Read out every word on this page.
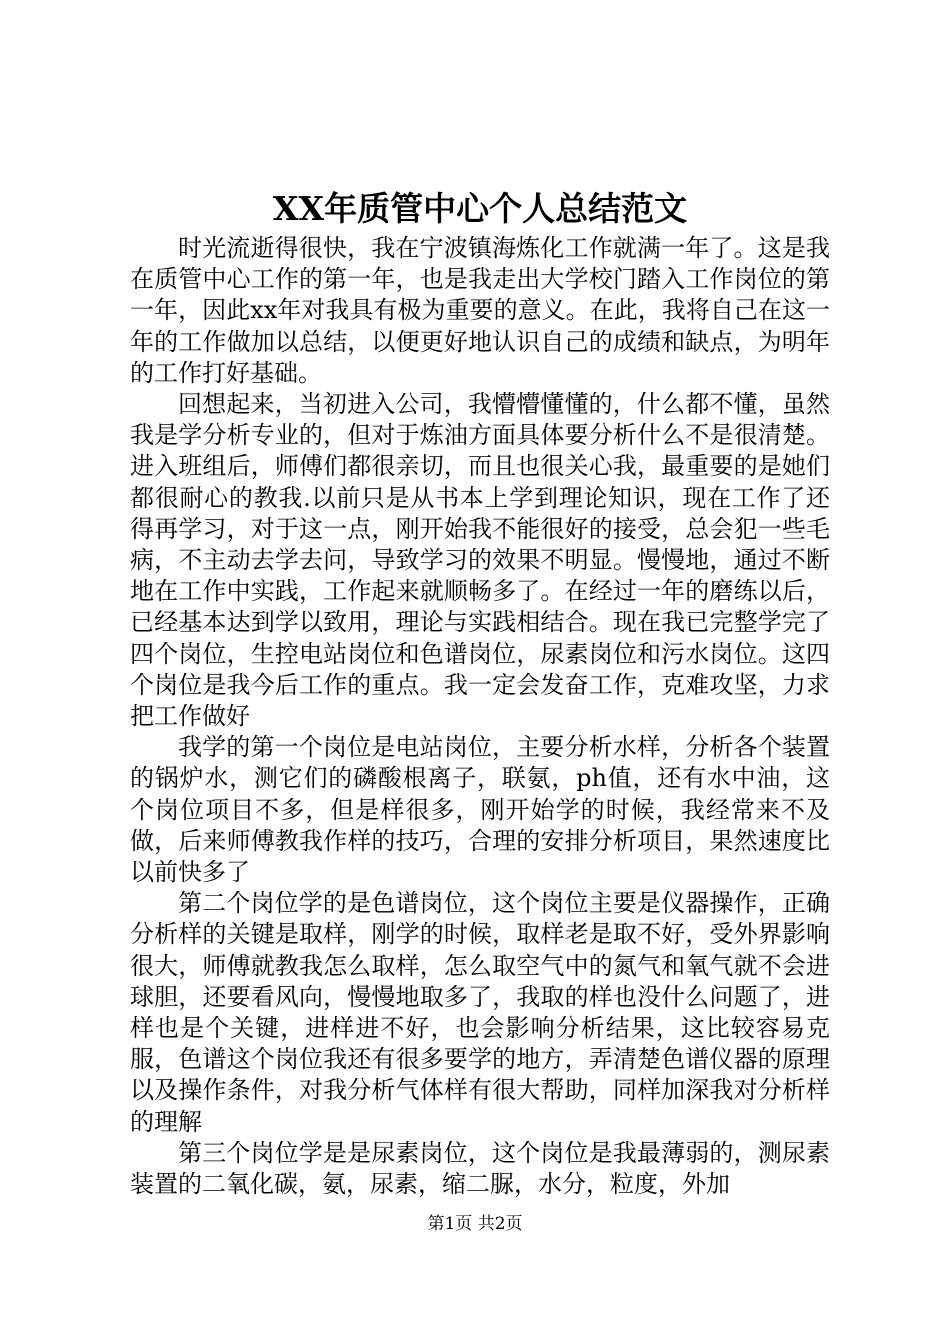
XX年质管中心个人总结范文

时光流逝得很快，我在宁波镇海炼化工作就满一年了。这是我在质管中心工作的第一年，也是我走出大学校门踏入工作岗位的第一年，因此xx年对我具有极为重要的意义。在此，我将自己在这一年的工作做加以总结，以便更好地认识自己的成绩和缺点，为明年的工作打好基础。

回想起来，当初进入公司，我懵懵懂懂的，什么都不懂，虽然我是学分析专业的，但对于炼油方面具体要分析什么不是很清楚。进入班组后，师傅们都很亲切，而且也很关心我，最重要的是她们都很耐心的教我.以前只是从书本上学到理论知识，现在工作了还得再学习，对于这一点，刚开始我不能很好的接受，总会犯一些毛病，不主动去学去问，导致学习的效果不明显。慢慢地，通过不断地在工作中实践，工作起来就顺畅多了。在经过一年的磨练以后，已经基本达到学以致用，理论与实践相结合。现在我已完整学完了四个岗位，生控电站岗位和色谱岗位，尿素岗位和污水岗位。这四个岗位是我今后工作的重点。我一定会发奋工作，克难攻坚，力求把工作做好

我学的第一个岗位是电站岗位，主要分析水样，分析各个装置的锅炉水，测它们的磷酸根离子，联氨，ph值，还有水中油，这个岗位项目不多，但是样很多，刚开始学的时候，我经常来不及做，后来师傅教我作样的技巧，合理的安排分析项目，果然速度比以前快多了

第二个岗位学的是色谱岗位，这个岗位主要是仪器操作，正确分析样的关键是取样，刚学的时候，取样老是取不好，受外界影响很大，师傅就教我怎么取样，怎么取空气中的氮气和氧气就不会进球胆，还要看风向，慢慢地取多了，我取的样也没什么问题了，进样也是个关键，进样进不好，也会影响分析结果，这比较容易克服，色谱这个岗位我还有很多要学的地方，弄清楚色谱仪器的原理以及操作条件，对我分析气体样有很大帮助，同样加深我对分析样的理解

第三个岗位学是是尿素岗位，这个岗位是我最薄弱的，测尿素装置的二氧化碳，氨，尿素，缩二脲，水分，粒度，外加

第1页 共2页
